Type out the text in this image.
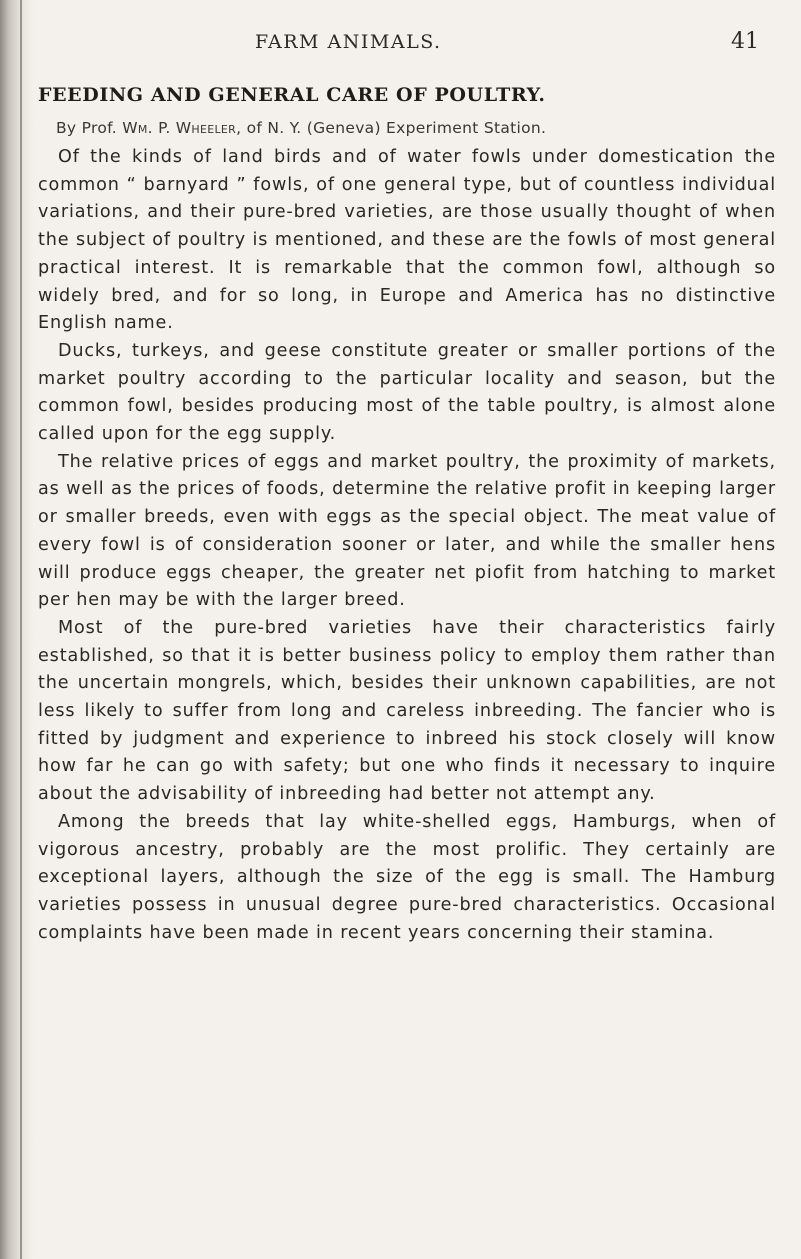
FARM ANIMALS.	41
FEEDING AND GENERAL CARE OF POULTRY.

By Prof. Wm. P. Wheeler, of N. Y. (Geneva) Experiment Station.

Of the kinds of land birds and of water fowls under domestication the common “ barnyard ” fowls, of one general type, but of countless individual variations, and their pure-bred varieties, are those usually thought of when the subject of poultry is mentioned, and these are the fowls of most general practical interest. It is remarkable that the common fowl, although so widely bred, and for so long, in Europe and America has no distinctive English name.

Ducks, turkeys, and geese constitute greater or smaller portions of the market poultry according to the particular locality and season, but the common fowl, besides producing most of the table poultry, is almost alone called upon for the egg supply.

The relative prices of eggs and market poultry, the proximity of markets, as well as the prices of foods, determine the relative profit in keeping larger or smaller breeds, even with eggs as the special object. The meat value of every fowl is of consideration sooner or later, and while the smaller hens will produce eggs cheaper, the greater net piofit from hatching to market per hen may be with the larger breed.

Most of the pure-bred varieties have their characteristics fairly established, so that it is better business policy to employ them rather than the uncertain mongrels, which, besides their unknown capabilities, are not less likely to suffer from long and careless inbreeding. The fancier who is fitted by judgment and experience to inbreed his stock closely will know how far he can go with safety; but one who finds it necessary to inquire about the advisability of inbreeding had better not attempt any.

Among the breeds that lay white-shelled eggs, Hamburgs, when of vigorous ancestry, probably are the most prolific. They certainly are exceptional layers, although the size of the egg is small. The Hamburg varieties possess in unusual degree pure-bred characteristics. Occasional complaints have been made in recent years concerning their stamina.
